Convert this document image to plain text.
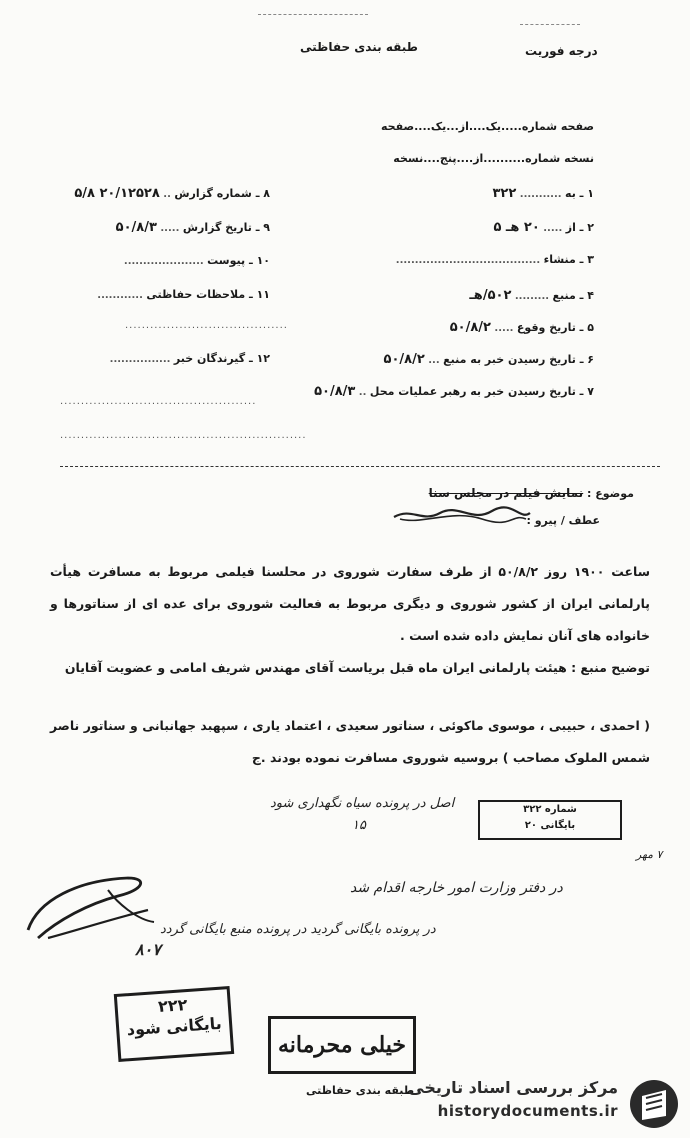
طبقه بندی حفاظتی	درجه فوریت
صفحه شماره.....یک....از...یک....صفحه
نسخه شماره..........از....پنج....نسخه
۱ ـ به ........... ۳۲۲
۲ ـ از ..... ۲۰ هـ ۵
۳ ـ منشاء ......................................
۴ ـ منبع ......... ۵۰۲/هـ
۵ ـ تاریخ وقوع ..... ۵۰/۸/۲
۶ ـ تاریخ رسیدن خبر به منبع ... ۵۰/۸/۲
۷ ـ تاریخ رسیدن خبر به رهبر عملیات محل .. ۵۰/۸/۳
۸ ـ شماره گزارش .. ۲۰/۱۲۵۲۸ ۵/۸
۹ ـ تاریخ گزارش ..... ۵۰/۸/۳
۱۰ ـ پیوست .....................
۱۱ ـ ملاحظات حفاظتی ............
.......................................
۱۲ ـ گیرندگان خبر ................
...............................................
...........................................................
موضوع : نمایش فیلم در مجلس سنا
عطف / پیرو :
ساعت ۱۹۰۰ روز ۵۰/۸/۲ از طرف سفارت شوروی در محلسنا فیلمی مربوط به مسافرت هیأت پارلمانی ایران از کشور شوروی و دیگری مربوط به فعالیت شوروی برای عده ای از سناتورها و خانواده های آنان نمایش داده شده است .
توضیح منبع : هیئت پارلمانی ایران ماه قبل بریاست آقای مهندس شریف امامی و عضویت آقایان
( احمدی ، حبیبی ، موسوی ماکوئی ، سناتور سعیدی ، اعتماد یاری ، سپهبد جهانبانی و سناتور ناصر شمس الملوک مصاحب ) بروسیه شوروی مسافرت نموده بودند .ج
اصل در پرونده سیاه نگهداری شود
۱۵
شماره ۳۲۲
بایگانی ۲۰
۷ مهر
در دفتر وزارت امور خارجه اقدام شد
در پرونده بایگانی گردید در پرونده منبع بایگانی گردد
۸۰۷
۲۲۲
بایگانی شود
خیلی محرمانه
طبقه بندی حفاظتی
مرکز بررسی اسناد تاریخی
historydocuments.ir
